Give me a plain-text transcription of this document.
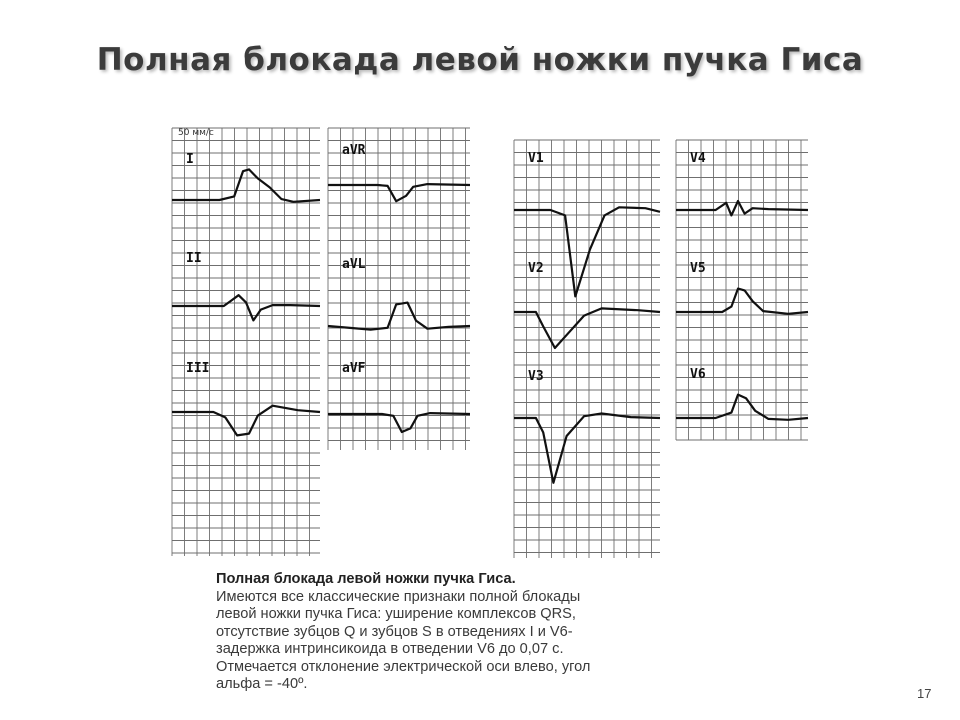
Полная блокада левой ножки пучка Гиса
I
II
III
aVR
aVL
aVF
V1
V2
V3
V4
V5
V6
50 мм/с
Полная блокада левой ножки пучка Гиса.
Имеются все классические признаки полной блокады
левой ножки пучка Гиса: уширение комплексов QRS,
отсутствие зубцов Q и зубцов S в отведениях I и V6-
задержка интринсикоида в отведении V6 до 0,07 с.
Отмечается отклонение электрической оси влево, угол
альфа = -40º.
17
